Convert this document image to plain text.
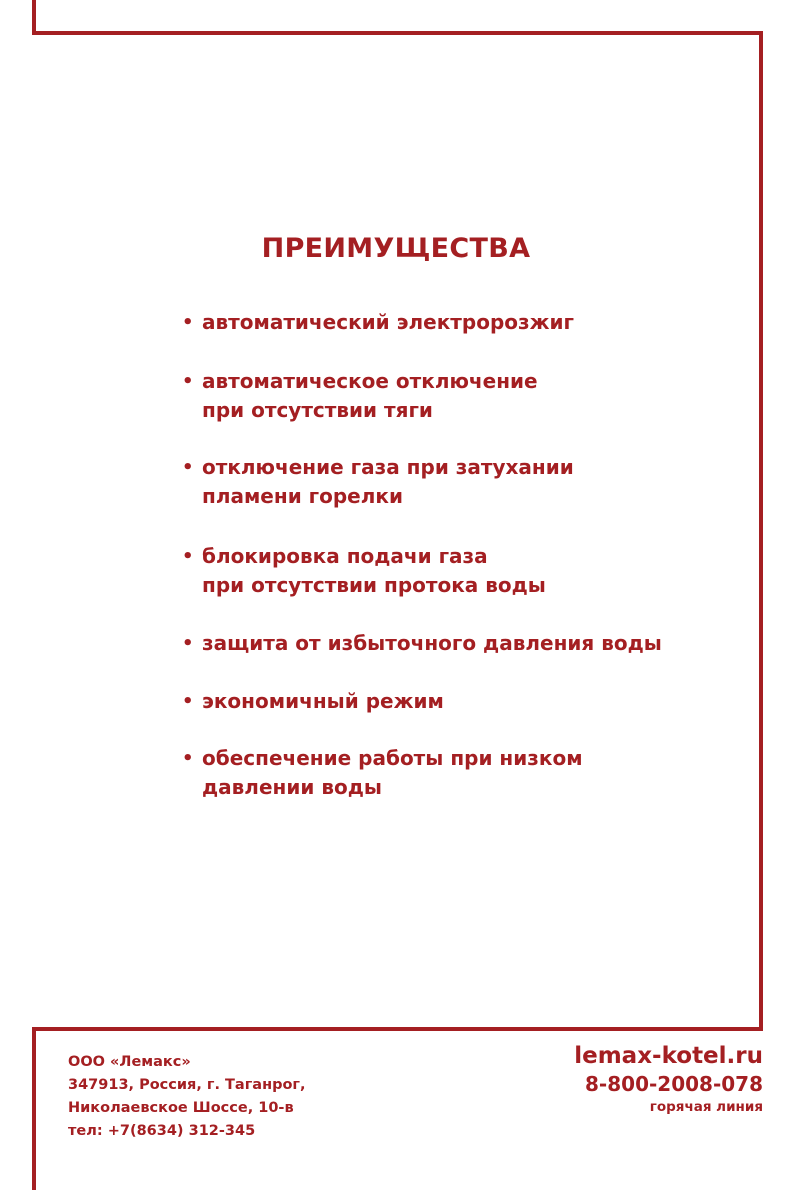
ПРЕИМУЩЕСТВА
• автоматический электророзжиг
• автоматическое отключение
при отсутствии тяги
• отключение газа при затухании
пламени горелки
• блокировка подачи газа
при отсутствии протока воды
• защита от избыточного давления воды
• экономичный режим
• обеспечение работы при низком
давлении воды
ООО «Лемакс»
347913, Россия, г. Таганрог,
Николаевское Шоссе, 10-в
тел: +7(8634) 312-345
lemax-kotel.ru
8-800-2008-078
горячая линия
